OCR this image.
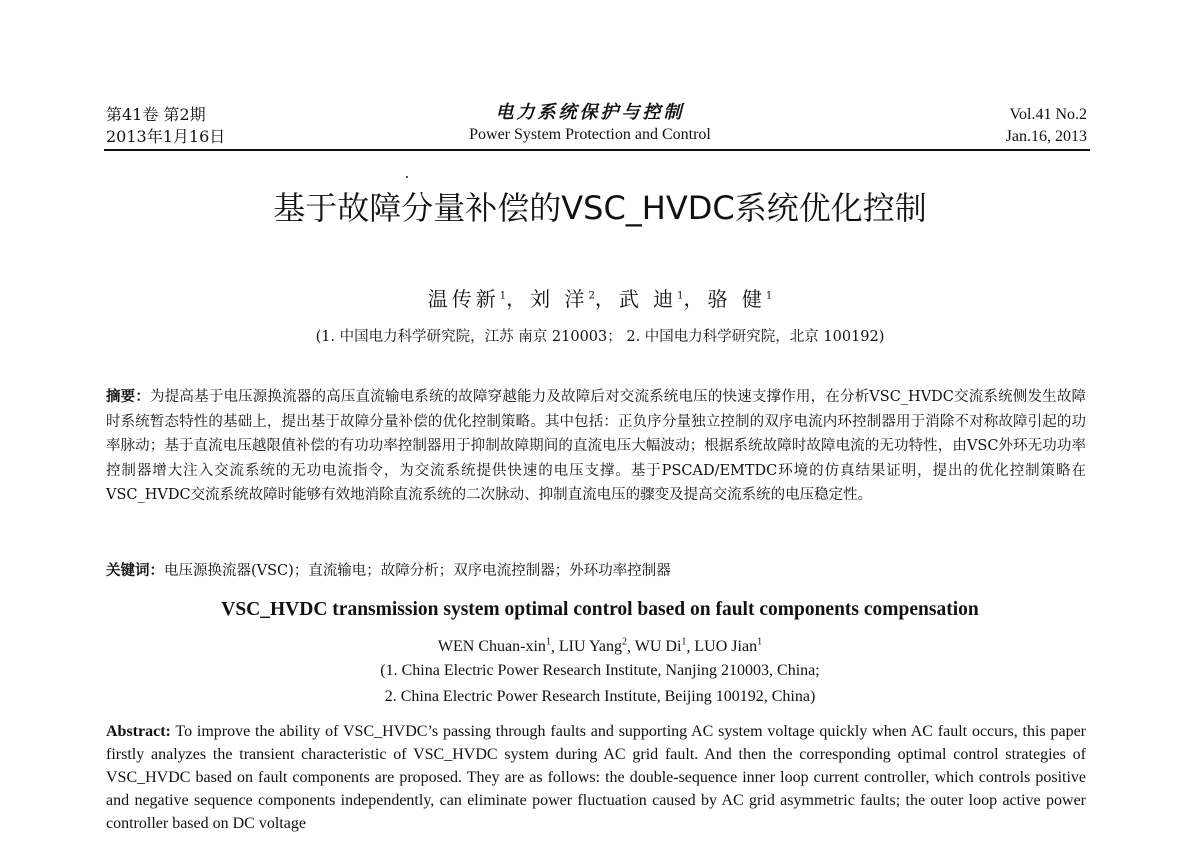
第41卷 第2期
2013年1月16日
电力系统保护与控制
Power System Protection and Control
Vol.41 No.2
Jan.16, 2013
基于故障分量补偿的VSC_HVDC系统优化控制
温传新$^1$，刘 洋$^2$，武 迪$^1$，骆 健$^1$
(1. 中国电力科学研究院，江苏 南京 210003； 2. 中国电力科学研究院，北京 100192)
摘要：为提高基于电压源换流器的高压直流输电系统的故障穿越能力及故障后对交流系统电压的快速支撑作用，在分析VSC_HVDC交流系统侧发生故障时系统暂态特性的基础上，提出基于故障分量补偿的优化控制策略。其中包括：正负序分量独立控制的双序电流内环控制器用于消除不对称故障引起的功率脉动；基于直流电压越限值补偿的有功功率控制器用于抑制故障期间的直流电压大幅波动；根据系统故障时故障电流的无功特性，由VSC外环无功功率控制器增大注入交流系统的无功电流指令，为交流系统提供快速的电压支撑。基于PSCAD/EMTDC环境的仿真结果证明，提出的优化控制策略在VSC_HVDC交流系统故障时能够有效地消除直流系统的二次脉动、抑制直流电压的骤变及提高交流系统的电压稳定性。
关键词：电压源换流器(VSC)；直流输电；故障分析；双序电流控制器；外环功率控制器
VSC_HVDC transmission system optimal control based on fault components compensation
WEN Chuan-xin$^1$, LIU Yang$^2$, WU Di$^1$, LUO Jian$^1$
(1. China Electric Power Research Institute, Nanjing 210003, China;
2. China Electric Power Research Institute, Beijing 100192, China)
Abstract: To improve the ability of VSC_HVDC’s passing through faults and supporting AC system voltage quickly when AC fault occurs, this paper firstly analyzes the transient characteristic of VSC_HVDC system during AC grid fault. And then the corresponding optimal control strategies of VSC_HVDC based on fault components are proposed. They are as follows: the double-sequence inner loop current controller, which controls positive and negative sequence components independently, can eliminate power fluctuation caused by AC grid asymmetric faults; the outer loop active power controller based on DC voltage
